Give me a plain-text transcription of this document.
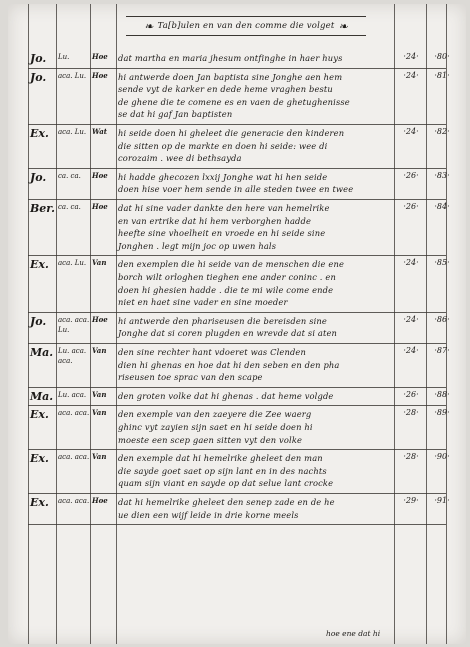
❧ Ta[b]ulen en van den comme die volget ❧
Jo.	Lu.	Hoe	dat martha en maria jhesum ontfinghe in haer huys	·24·	·80·
Jo.	aca. Lu. Hoe	hi antwerde doen Jan baptista sine Jonghe aen hem
sende vyt de karker en dede heme vraghen bestu
de ghene die te comene es en vaen de ghetughenisse
se dat hi gaf Jan baptisten
·24·	·81·
Ex.	aca. Lu. Wat	hi seide doen hi gheleet die generacie den kinderen
die sitten op de markte en doen hi seide: wee di
corozaim . wee di bethsayda
·24·	·82·
Jo.	ca. ca.	Hoe	hi hadde ghecozen lxxij Jonghe wat hi hen seide
doen hise voer hem sende in alle steden twee en twee
·26·	·83·
Ber. ca. ca.	Hoe	dat hi sine vader dankte den here van hemelrike
en van ertrike dat hi hem verborghen hadde
heefte sine vhoelheit en vroede en hi seide sine
Jonghen . legt mijn joc op uwen hals
·26·	·84·
Ex.	aca. Lu. Van	den exemplen die hi seide van de menschen die ene
borch wilt orloghen tieghen ene ander coninc . en
doen hi ghesien hadde . die te mi wile come ende
niet en haet sine vader en sine moeder
·24·	·85·
Jo.	aca. aca. Lu.
Hoe	hi antwerde den phariseusen die bereisden sine
Jonghe dat si coren plugden en wrevde dat si aten
·24·	·86·
Ma. Lu. aca. aca.
Van	den sine rechter hant vdoeret was Clenden
dien hi ghenas en hoe dat hi den seben en den pha
riseusen toe sprac van den scape
·24·	·87·
Ma. Lu. aca. Van	den groten volke dat hi ghenas . dat heme volgde	·26·	·88·
Ex.	aca. aca. Van	den exemple van den zaeyere die Zee waerg
ghinc vyt zayien sijn saet en hi seide doen hi
moeste een scep gaen sitten vyt den volke
·28·	·89·
Ex.	aca. aca. Van	den exemple dat hi hemelrike gheleet den man
die sayde goet saet op sijn lant en in des nachts
quam sijn viant en sayde op dat selue lant crocke
·28·	·90·
Ex.	aca. aca. Hoe	dat hi hemelrike gheleet den senep zade en de he
ue dien een wijf leide in drie korne meels
·29·	·91·
hoe ene dat hi
